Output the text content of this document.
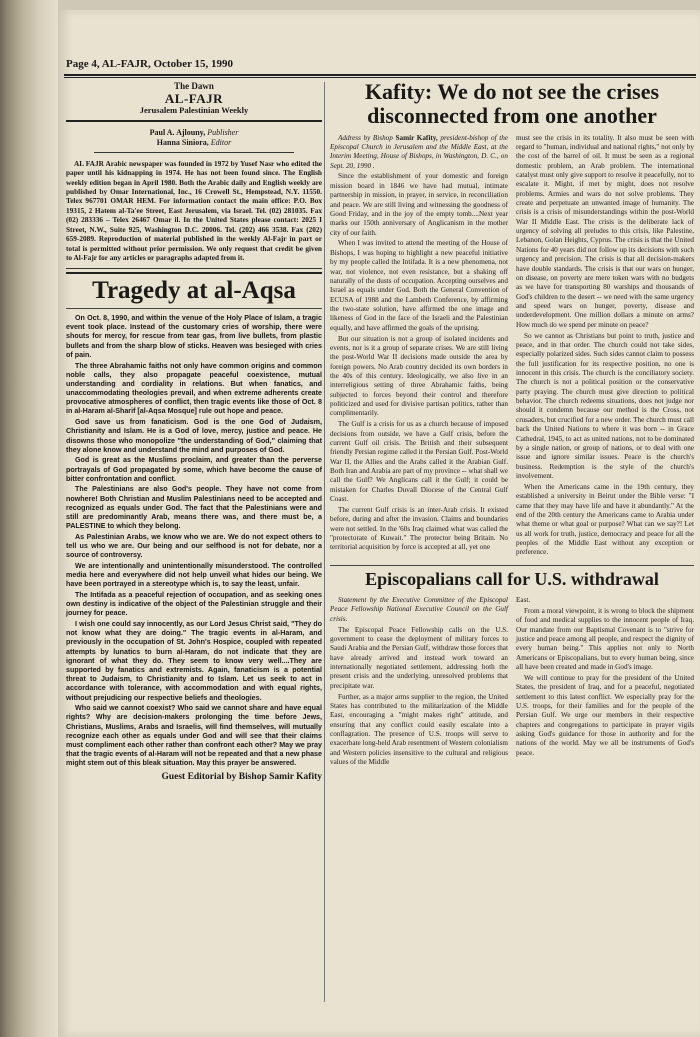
Page 4, AL-FAJR, October 15, 1990
The Dawn
AL-FAJR
Jerusalem Palestinian Weekly
Paul A. Ajlouny, Publisher
Hanna Siniora, Editor

AL FAJR Arabic newspaper was founded in 1972 by Yusef Nasr who edited the paper until his kidnapping in 1974. He has not been found since. The English weekly edition began in April 1980. Both the Arabic daily and English weekly are published by Omar International, Inc., 16 Crowell St., Hempstead, N.Y. 11550. Telex 967701 OMAR HEM. For information contact the main office: P.O. Box 19315, 2 Hatem al-Ta'ee Street, East Jerusalem, via Israel. Tel. (02) 281035. Fax (02) 283336 – Telex 26467 Omar il. In the United States please contact: 2025 I Street, N.W., Suite 925, Washington D.C. 20006. Tel. (202) 466 3538. Fax (202) 659-2089. Reproduction of material published in the weekly Al-Fajr in part or total is permitted without prior permission. We only request that credit be given to Al-Fajr for any articles or paragraphs adapted from it.

Tragedy at al-Aqsa

On Oct. 8, 1990, and within the venue of the Holy Place of Islam, a tragic event took place. Instead of the customary cries of worship, there were shouts for mercy, for rescue from tear gas, from live bullets, from plastic bullets and from the sharp blow of sticks. Heaven was besieged with cries of pain.

The three Abrahamic faiths not only have common origins and common noble calls, they also propagate peaceful coexistence, mutual understanding and cordiality in relations. But when fanatics, and unaccommodating theologies prevail, and when extreme adherents create provocative atmospheres of conflict, then tragic events like those of Oct. 8 in al-Haram al-Sharif [al-Aqsa Mosque] rule out hope and peace.

God save us from fanaticism. God is the one God of Judaism, Christianity and Islam. He is a God of love, mercy, justice and peace. He disowns those who monopolize "the understanding of God," claiming that they alone know and understand the mind and purposes of God.

God is great as the Muslims proclaim, and greater than the perverse portrayals of God propagated by some, which have become the cause of bitter confrontation and conflict.

The Palestinians are also God's people. They have not come from nowhere! Both Christian and Muslim Palestinians need to be accepted and recognized as equals under God. The fact that the Palestinians were and still are predominantly Arab, means there was, and there must be, a PALESTINE to which they belong.

As Palestinian Arabs, we know who we are. We do not expect others to tell us who we are. Our being and our selfhood is not for debate, nor a source of controversy.

We are intentionally and unintentionally misunderstood. The controlled media here and everywhere did not help unveil what hides our being. We have been portrayed in a stereotype which is, to say the least, unfair.

The Intifada as a peaceful rejection of occupation, and as seeking ones own destiny is indicative of the object of the Palestinian struggle and their journey for peace.

I wish one could say innocently, as our Lord Jesus Christ said, "They do not know what they are doing." The tragic events in al-Haram, and previously in the occupation of St. John's Hospice, coupled with repeated attempts by lunatics to burn al-Haram, do not indicate that they are ignorant of what they do. They seem to know very well....They are supported by fanatics and extremists. Again, fanaticism is a potential threat to Judaism, to Christianity and to Islam. Let us seek to act in accordance with tolerance, with accommodation and with equal rights, without prejudicing our respective beliefs and theologies.

Who said we cannot coexist? Who said we cannot share and have equal rights? Why are decision-makers prolonging the time before Jews, Christians, Muslims, Arabs and Israelis, will find themselves, will mutually recognize each other as equals under God and will see that their claims must compliment each other rather than confront each other? May we pray that the tragic events of al-Haram will not be repeated and that a new phase might stem out of this bleak situation. May this prayer be answered.

Guest Editorial by Bishop Samir Kafity
Kafity: We do not see the crises disconnected from one another

Address by Bishop Samir Kafity, president-bishop of the Episcopal Church in Jerusalem and the Middle East, at the Interim Meeting, House of Bishops, in Washington, D. C., on Sept. 20, 1990 .

Since the establishment of your domestic and foreign mission board in 1846 we have had mutual, intimate partnership in mission, in prayer, in service, in reconciliation and peace. We are still living and witnessing the goodness of Good Friday, and in the joy of the empty tomb....Next year marks our 150th anniversary of Anglicanism in the mother city of our faith.

When I was invited to attend the meeting of the House of Bishops, I was hoping to highlight a new peaceful initiative by my people called the Intifada. It is a new phenomena, not war, not violence, not even resistance, but a shaking off naturally of the dusts of occupation. Accepting ourselves and Israel as equals under God. Both the General Convention of ECUSA of 1988 and the Lambeth Conference, by affirming the two-state solution, have affirmed the one image and likeness of God in the face of the Israeli and the Palestinian equally, and have affirmed the goals of the uprising.

But our situation is not a group of isolated incidents and events, nor is it a group of separate crises. We are still living the post-World War II decisions made outside the area by foreign powers. No Arab country decided its own borders in the 40s of this century. Ideologically, we also live in an interreligious setting of three Abrahamic faiths, being subjected to forces beyond their control and therefore politicized and used for divisive partisan politics, rather than complimentarily.

The Gulf is a crisis for us as a church because of imposed decisions from outside, we have a Gulf crisis, before the current Gulf oil crisis. The British and their subsequent friendly Persian regime called it the Persian Gulf. Post-World War II, the Allies and the Arabs called it the Arabian Gulf. Both Iran and Arabia are part of my province -- what shall we call the Gulf? We Anglicans call it the Gulf; it could be mistaken for Charles Duvall Diocese of the Central Gulf Coast.

The current Gulf crisis is an inter-Arab crisis. It existed before, during and after the invasion. Claims and boundaries were not settled. In the '60s Iraq claimed what was called the "protectorate of Kuwait." The protector being Britain. No territorial acquisition by force is accepted at all, yet one

must see the crisis in its totality. It also must be seen with regard to "human, individual and national rights," not only by the cost of the barrel of oil. It must be seen as a regional domestic problem, an Arab problem. The international catalyst must only give support to resolve it peacefully, not to escalate it. Might, if met by might, does not resolve problems. Armies and wars do not solve problems. They create and perpetuate an unwanted image of humanity. The crisis is a crisis of misunderstandings within the post-World War II Middle East. The crisis is the deliberate lack of urgency of solving all preludes to this crisis, like Palestine, Lebanon, Golan Heights, Cyprus. The crisis is that the United Nations for 40 years did not follow up its decisions with such urgency and precision. The crisis is that all decision-makers have double standards. The crisis is that our wars on hunger, on disease, on poverty are mere token wars with no budgets as we have for transporting 80 warships and thousands of God's children to the desert -- we need with the same urgency and speed wars on hunger, poverty, disease and underdevelopment. One million dollars a minute on arms? How much do we spend per minute on peace?

So we cannot as Christians but point to truth, justice and peace, and in that order. The church could not take sides, especially polarized sides. Such sides cannot claim to possess the full justification for its respective position, no one is innocent in this crisis. The church is the conciliatory society. The church is not a political position or the conservative party praying. The church must give direction to political behavior. The church redeems situations, does not judge nor should it condemn because our method is the Cross, not crusaders, but crucified for a new order. The church must call back the United Nations to where it was born -- in Grace Cathedral, 1945, to act as united nations, not to be dominated by a single nation, or group of nations, or to deal with one issue and ignore similar issues. Peace is the church's business. Redemption is the style of the church's involvement.

When the Americans came in the 19th century, they established a university in Beirut under the Bible verse: "I came that they may have life and have it abundantly." At the end of the 20th century the Americans came to Arabia under what theme or what goal or purpose? What can we say?! Let us all work for truth, justice, democracy and peace for all the peoples of the Middle East without any exception or preference.

Episcopalians call for U.S. withdrawal

Statement by the Executive Committee of the Episcopal Peace Fellowship National Executive Council on the Gulf crisis.

The Episcopal Peace Fellowship calls on the U.S. government to cease the deployment of military forces to Saudi Arabia and the Persian Gulf, withdraw those forces that have already arrived and instead work toward an internationally negotiated settlement, addressing both the present crisis and the underlying, unresolved problems that precipitate war.

Further, as a major arms supplier to the region, the United States has contributed to the militarization of the Middle East, encouraging a "might makes right" attitude, and ensuring that any conflict could easily escalate into a conflagration. The presence of U.S. troops will serve to exacerbate long-held Arab resentment of Western colonialism and Western policies insensitive to the cultural and religious values of the Middle

East.

From a moral viewpoint, it is wrong to block the shipment of food and medical supplies to the innocent people of Iraq. Our mandate from our Baptismal Covenant is to "strive for justice and peace among all people, and respect the dignity of every human being." This applies not only to North Americans or Episcopalians, but to every human being, since all have been created and made in God's image.

We will continue to pray for the president of the United States, the president of Iraq, and for a peaceful, negotiated settlement to this latest conflict. We especially pray for the U.S. troops, for their families and for the people of the Persian Gulf. We urge our members in their respective chapters and congregations to participate in prayer vigils asking God's guidance for those in authority and for the nations of the world. May we all be instruments of God's peace.
